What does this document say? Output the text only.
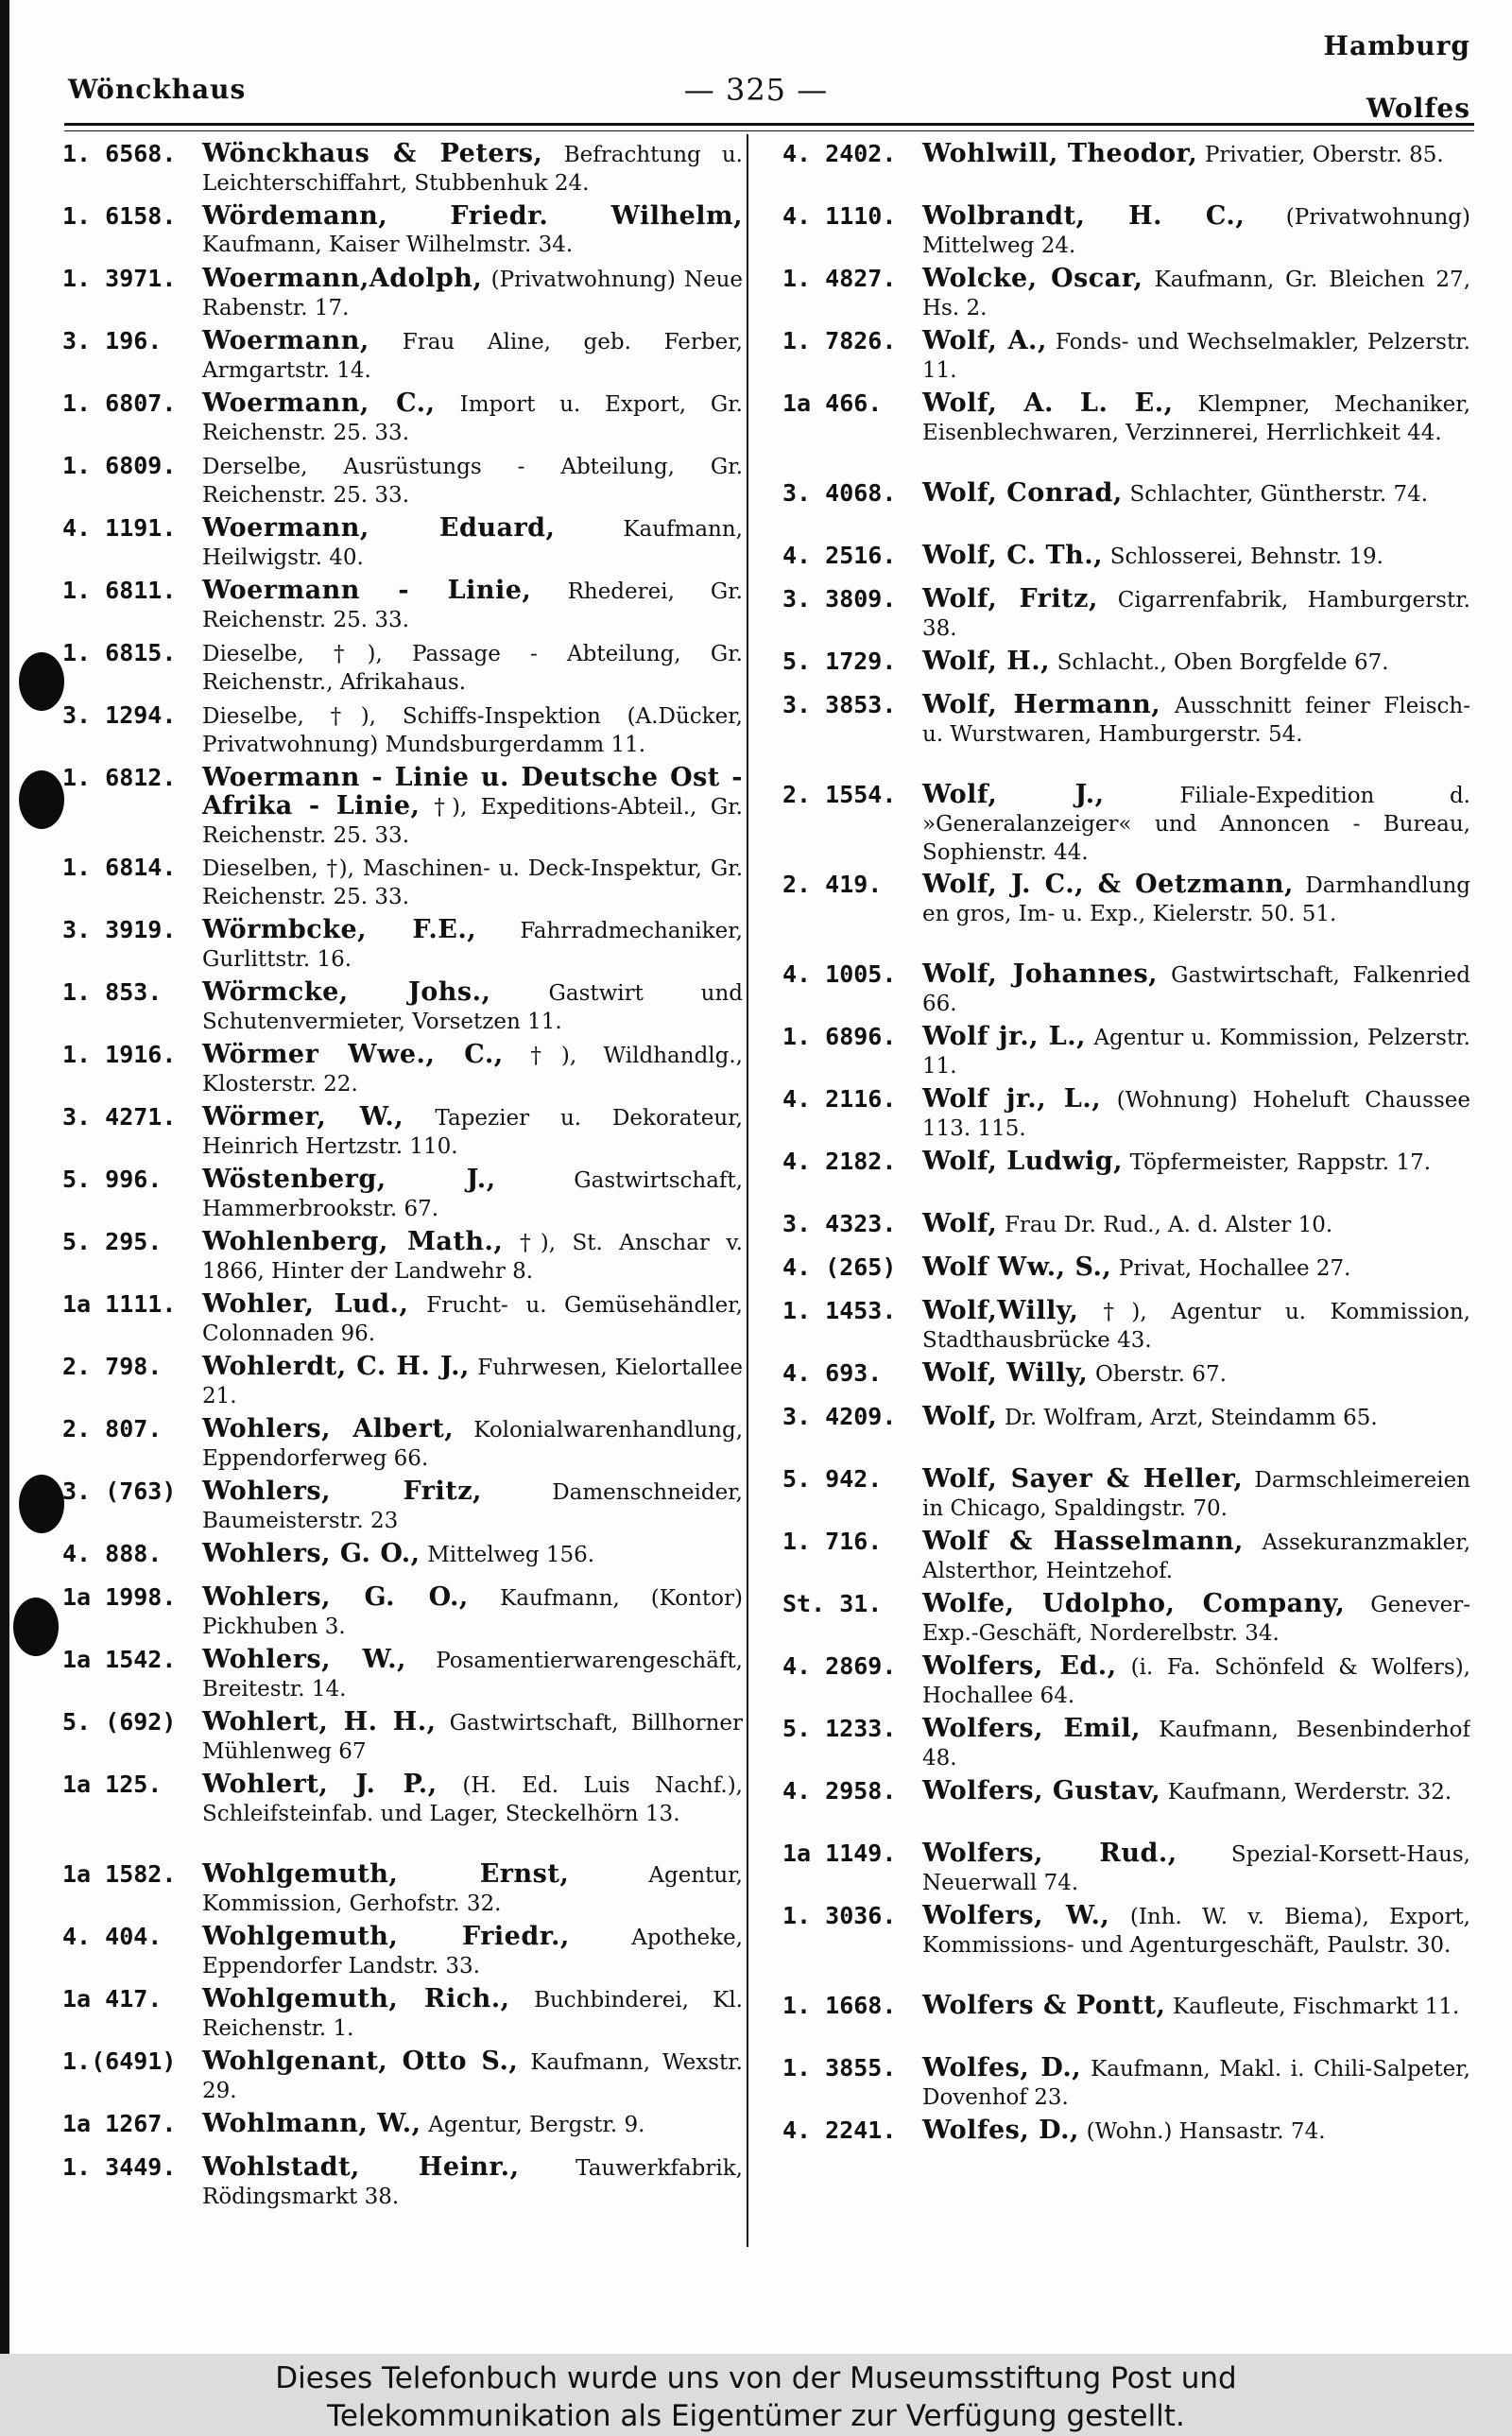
Wönckhaus	— 325 —
Hamburg
Wolfes
1. 6568.	Wönckhaus & Peters, Befrachtung u. Leichterschiffahrt, Stubbenhuk 24.
1. 6158.	Wördemann, Friedr. Wilhelm, Kaufmann, Kaiser Wilhelmstr. 34.
1. 3971.	Woermann,Adolph, (Privatwohnung) Neue Rabenstr. 17.
3. 196.	Woermann, Frau Aline, geb. Ferber, Armgartstr. 14.
1. 6807.	Woermann, C., Import u. Export, Gr. Reichenstr. 25. 33.
1. 6809.	Derselbe, Ausrüstungs - Abteilung, Gr. Reichenstr. 25. 33.
4. 1191.	Woermann, Eduard,	Kaufmann, Heilwigstr. 40.
1. 6811.	Woermann - Linie, Rhederei, Gr. Reichenstr. 25. 33.
1. 6815.	Dieselbe, †), Passage - Abteilung, Gr. Reichenstr., Afrikahaus.
3. 1294.	Dieselbe, †), Schiffs-Inspektion (A.Dücker, Privatwohnung) Mundsburgerdamm 11.
1. 6812.	Woermann - Linie u. Deutsche Ost - Afrika - Linie, †), Expeditions-Abteil., Gr. Reichenstr. 25. 33.
1. 6814.	Dieselben, †), Maschinen- u. Deck-Inspektur, Gr. Reichenstr. 25. 33.
3. 3919.	Wörmbcke, F.E., Fahrradmechaniker, Gurlittstr. 16.
1. 853.	Wörmcke, Johs.,	Gastwirt und Schutenvermieter, Vorsetzen 11.
1. 1916.	Wörmer Wwe., C., †), Wildhandlg., Klosterstr. 22.
3. 4271.	Wörmer, W., Tapezier u. Dekorateur, Heinrich Hertzstr. 110.
5. 996.	Wöstenberg, J.,	Gastwirtschaft, Hammerbrookstr. 67.
5. 295.	Wohlenberg, Math., †), St. Anschar v. 1866, Hinter der Landwehr 8.
1a 1111.	Wohler, Lud., Frucht- u. Gemüsehändler, Colonnaden 96.
2. 798.	Wohlerdt, C. H. J., Fuhrwesen, Kielortallee 21.
2. 807.	Wohlers, Albert, Kolonialwarenhandlung, Eppendorferweg 66.
3. (763)	Wohlers, Fritz,	Damenschneider, Baumeisterstr. 23
4. 888.	Wohlers, G. O., Mittelweg 156.
1a 1998.	Wohlers, G. O., Kaufmann, (Kontor) Pickhuben 3.
1a 1542.	Wohlers, W., Posamentierwarengeschäft, Breitestr. 14.
5. (692)	Wohlert, H. H., Gastwirtschaft, Billhorner Mühlenweg 67
1a 125.	Wohlert, J. P., (H. Ed. Luis Nachf.), Schleifsteinfab. und Lager, Steckelhörn 13.
1a 1582.	Wohlgemuth, Ernst,	Agentur, Kommission, Gerhofstr. 32.
4. 404.	Wohlgemuth, Friedr.,	Apotheke, Eppendorfer Landstr. 33.
1a 417.	Wohlgemuth, Rich., Buchbinderei, Kl. Reichenstr. 1.
1.(6491)	Wohlgenant, Otto S., Kaufmann, Wexstr. 29.
1a 1267.	Wohlmann, W., Agentur, Bergstr. 9.
1. 3449.	Wohlstadt, Heinr.,	Tauwerkfabrik, Rödingsmarkt 38.
4. 2402.	Wohlwill, Theodor, Privatier, Oberstr. 85.
4. 1110.	Wolbrandt, H. C., (Privatwohnung) Mittelweg 24.
1. 4827.	Wolcke, Oscar, Kaufmann, Gr. Bleichen 27, Hs. 2.
1. 7826.	Wolf, A., Fonds- und Wechselmakler, Pelzerstr. 11.
1a 466.	Wolf, A. L. E., Klempner, Mechaniker, Eisenblechwaren, Verzinnerei, Herrlichkeit 44.
3. 4068.	Wolf, Conrad, Schlachter, Güntherstr. 74.
4. 2516.	Wolf, C. Th., Schlosserei, Behnstr. 19.
3. 3809.	Wolf, Fritz, Cigarrenfabrik, Hamburgerstr. 38.
5. 1729.	Wolf, H., Schlacht., Oben Borgfelde 67.
3. 3853.	Wolf, Hermann, Ausschnitt feiner Fleisch- u. Wurstwaren, Hamburgerstr. 54.
2. 1554.	Wolf, J.,	Filiale-Expedition d. »Generalanzeiger« und Annoncen - Bureau, Sophienstr. 44.
2. 419.	Wolf, J. C., & Oetzmann, Darmhandlung en gros, Im- u. Exp., Kielerstr. 50. 51.
4. 1005.	Wolf, Johannes, Gastwirtschaft, Falkenried 66.
1. 6896.	Wolf jr., L., Agentur u. Kommission, Pelzerstr. 11.
4. 2116.	Wolf jr., L., (Wohnung) Hoheluft Chaussee 113. 115.
4. 2182.	Wolf, Ludwig, Töpfermeister, Rappstr. 17.
3. 4323.	Wolf, Frau Dr. Rud., A. d. Alster 10.
4. (265)	Wolf Ww., S., Privat, Hochallee 27.
1. 1453.	Wolf,Willy, †), Agentur u. Kommission, Stadthausbrücke 43.
4. 693.	Wolf, Willy, Oberstr. 67.
3. 4209.	Wolf, Dr. Wolfram, Arzt, Steindamm 65.
5. 942.	Wolf, Sayer & Heller, Darmschleimereien in Chicago, Spaldingstr. 70.
1. 716.	Wolf & Hasselmann, Assekuranzmakler, Alsterthor, Heintzehof.
St. 31.	Wolfe, Udolpho, Company, Genever-Exp.-Geschäft, Norderelbstr. 34.
4. 2869.	Wolfers, Ed., (i. Fa. Schönfeld & Wolfers), Hochallee 64.
5. 1233.	Wolfers, Emil, Kaufmann, Besenbinderhof 48.
4. 2958.	Wolfers, Gustav, Kaufmann, Werderstr. 32.
1a 1149.	Wolfers, Rud., Spezial-Korsett-Haus, Neuerwall 74.
1. 3036.	Wolfers, W., (Inh. W. v. Biema), Export, Kommissions- und Agenturgeschäft, Paulstr. 30.
1. 1668.	Wolfers & Pontt, Kaufleute, Fischmarkt 11.
1. 3855.	Wolfes, D., Kaufmann, Makl. i. Chili-Salpeter, Dovenhof 23.
4. 2241.	Wolfes, D., (Wohn.) Hansastr. 74.
Dieses Telefonbuch wurde uns von der Museumsstiftung Post und
Telekommunikation als Eigentümer zur Verfügung gestellt.
